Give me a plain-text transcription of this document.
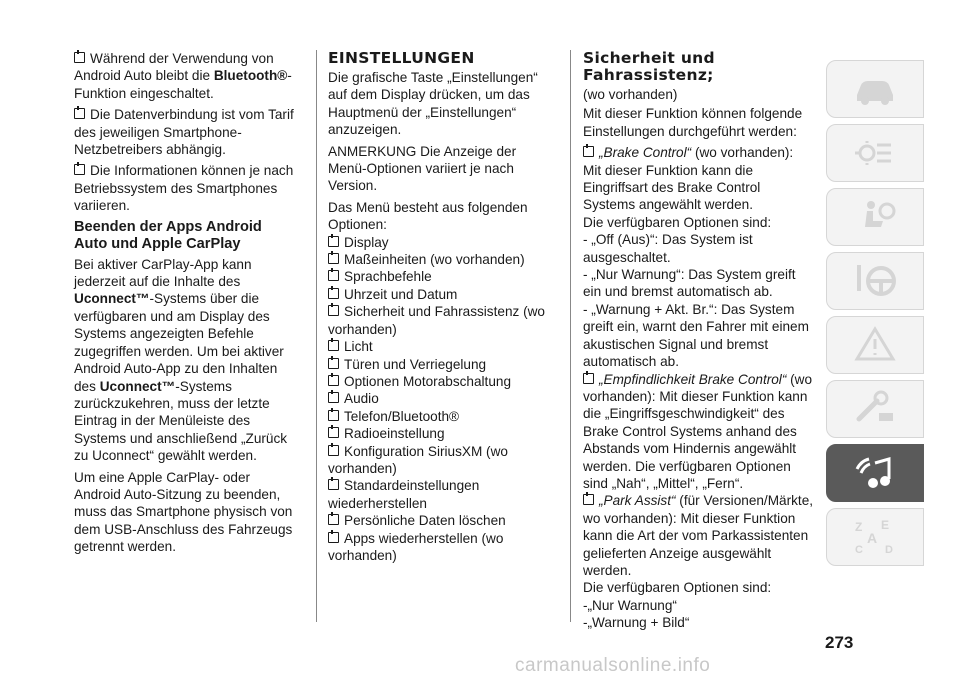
Während der Verwendung von Android Auto bleibt die Bluetooth®-Funktion eingeschaltet.

Die Datenverbindung ist vom Tarif des jeweiligen Smartphone-Netzbetreibers abhängig.

Die Informationen können je nach Betriebssystem des Smartphones variieren.

Beenden der Apps Android Auto und Apple CarPlay

Bei aktiver CarPlay-App kann jederzeit auf die Inhalte des Uconnect™-Systems über die verfügbaren und am Display des Systems angezeigten Befehle zugegriffen werden. Um bei aktiver Android Auto-App zu den Inhalten des Uconnect™-Systems zurückzukehren, muss der letzte Eintrag in der Menüleiste des Systems und anschließend „Zurück zu Uconnect“ gewählt werden.

Um eine Apple CarPlay- oder Android Auto-Sitzung zu beenden, muss das Smartphone physisch von dem USB-Anschluss des Fahrzeugs getrennt werden.

EINSTELLUNGEN

Die grafische Taste „Einstellungen“ auf dem Display drücken, um das Hauptmenü der „Einstellungen“ anzuzeigen.

ANMERKUNG Die Anzeige der Menü-Optionen variiert je nach Version.

Das Menü besteht aus folgenden Optionen:

Display
Maßeinheiten (wo vorhanden)
Sprachbefehle
Uhrzeit und Datum
Sicherheit und Fahrassistenz (wo vorhanden)
Licht
Türen und Verriegelung
Optionen Motorabschaltung
Audio
Telefon/Bluetooth®
Radioeinstellung
Konfiguration SiriusXM (wo vorhanden)
Standardeinstellungen wiederherstellen
Persönliche Daten löschen
Apps wiederherstellen (wo vorhanden)
Sicherheit und Fahrassistenz;

(wo vorhanden)

Mit dieser Funktion können folgende Einstellungen durchgeführt werden:

„Brake Control“ (wo vorhanden): Mit dieser Funktion kann die Eingriffsart des Brake Control Systems angewählt werden.
Die verfügbaren Optionen sind:
- „Off (Aus)“: Das System ist ausgeschaltet.
- „Nur Warnung“: Das System greift ein und bremst automatisch ab.
- „Warnung + Akt. Br.“: Das System greift ein, warnt den Fahrer mit einem akustischen Signal und bremst automatisch ab.
„Empfindlichkeit Brake Control“ (wo vorhanden): Mit dieser Funktion kann die „Eingriffsgeschwindigkeit“ des Brake Control Systems anhand des Abstands vom Hindernis angewählt werden. Die verfügbaren Optionen sind „Nah“, „Mittel“, „Fern“.
„Park Assist“ (für Versionen/Märkte, wo vorhanden): Mit dieser Funktion kann die Art der vom Parkassistenten gelieferten Anzeige ausgewählt werden.
Die verfügbaren Optionen sind:
-„Nur Warnung“
-„Warnung + Bild“
Z E
A
C D
273
carmanualsonline.info
